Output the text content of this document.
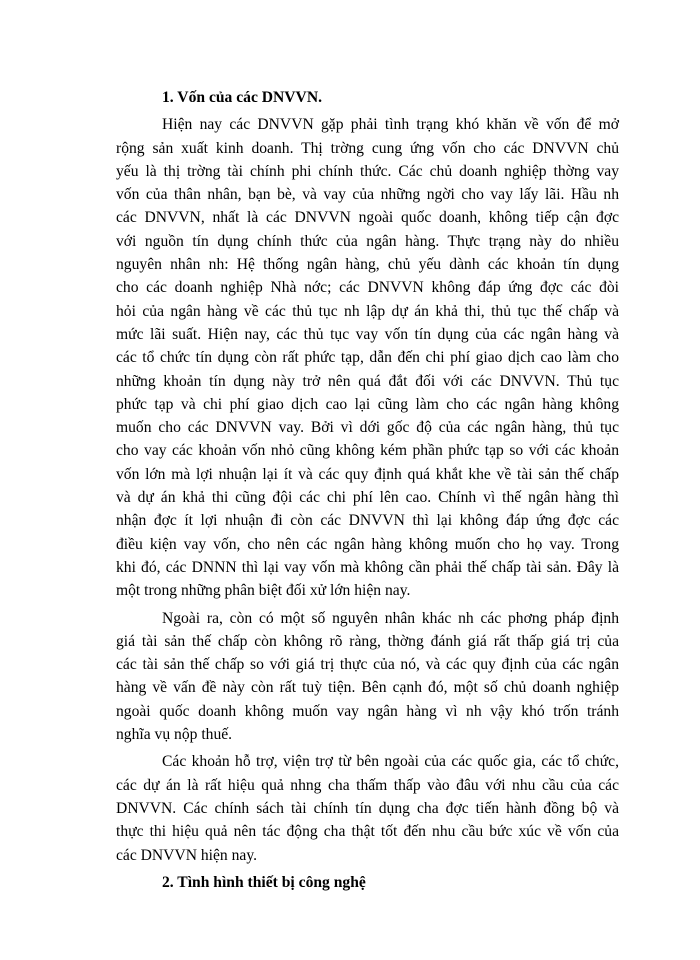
1. Vốn của các DNVVN.
Hiện nay các DNVVN gặp phải tình trạng khó khăn về vốn để mở
rộng sản xuất kinh doanh. Thị trờng cung ứng vốn cho các DNVVN chủ
yếu là thị trờng tài chính phi chính thức. Các chủ doanh nghiệp thờng vay
vốn của thân nhân, bạn bè, và vay của những ngời cho vay lấy lãi. Hầu nh
các DNVVN, nhất là các DNVVN ngoài quốc doanh, không tiếp cận đợc
với nguồn tín dụng chính thức của ngân hàng. Thực trạng này do nhiều
nguyên nhân nh: Hệ thống ngân hàng, chủ yếu dành các khoản tín dụng
cho các doanh nghiệp Nhà nớc; các DNVVN không đáp ứng đợc các đòi
hỏi của ngân hàng về các thủ tục nh lập dự án khả thi, thủ tục thế chấp và
mức lãi suất. Hiện nay, các thủ tục vay vốn tín dụng của các ngân hàng và
các tổ chức tín dụng còn rất phức tạp, dẫn đến chi phí giao dịch cao làm cho
những khoản tín dụng này trở nên quá đắt đối với các DNVVN. Thủ tục
phức tạp và chi phí giao dịch cao lại cũng làm cho các ngân hàng không
muốn cho các DNVVN vay. Bởi vì dới gốc độ của các ngân hàng, thủ tục
cho vay các khoản vốn nhỏ cũng không kém phần phức tạp so với các khoản
vốn lớn mà lợi nhuận lại ít và các quy định quá khắt khe về tài sản thế chấp
và dự án khả thi cũng đội các chi phí lên cao. Chính vì thế ngân hàng thì
nhận đợc ít lợi nhuận đi còn các DNVVN thì lại không đáp ứng đợc các
điều kiện vay vốn, cho nên các ngân hàng không muốn cho họ vay. Trong
khi đó, các DNNN thì lại vay vốn mà không cần phải thế chấp tài sản. Đây là
một trong những phân biệt đối xử lớn hiện nay.
Ngoài ra, còn có một số nguyên nhân khác nh các phơng pháp định
giá tài sản thế chấp còn không rõ ràng, thờng đánh giá rất thấp giá trị của
các tài sản thế chấp so với giá trị thực của nó, và các quy định của các ngân
hàng về vấn đề này còn rất tuỳ tiện. Bên cạnh đó, một số chủ doanh nghiệp
ngoài quốc doanh không muốn vay ngân hàng vì nh vậy khó trốn tránh
nghĩa vụ nộp thuế.
Các khoản hỗ trợ, viện trợ từ bên ngoài của các quốc gia, các tổ chức,
các dự án là rất hiệu quả nhng cha thấm thấp vào đâu với nhu cầu của các
DNVVN. Các chính sách tài chính tín dụng cha đợc tiến hành đồng bộ và
thực thi hiệu quả nên tác động cha thật tốt đến nhu cầu bức xúc về vốn của
các DNVVN hiện nay.
2. Tình hình thiết bị công nghệ
